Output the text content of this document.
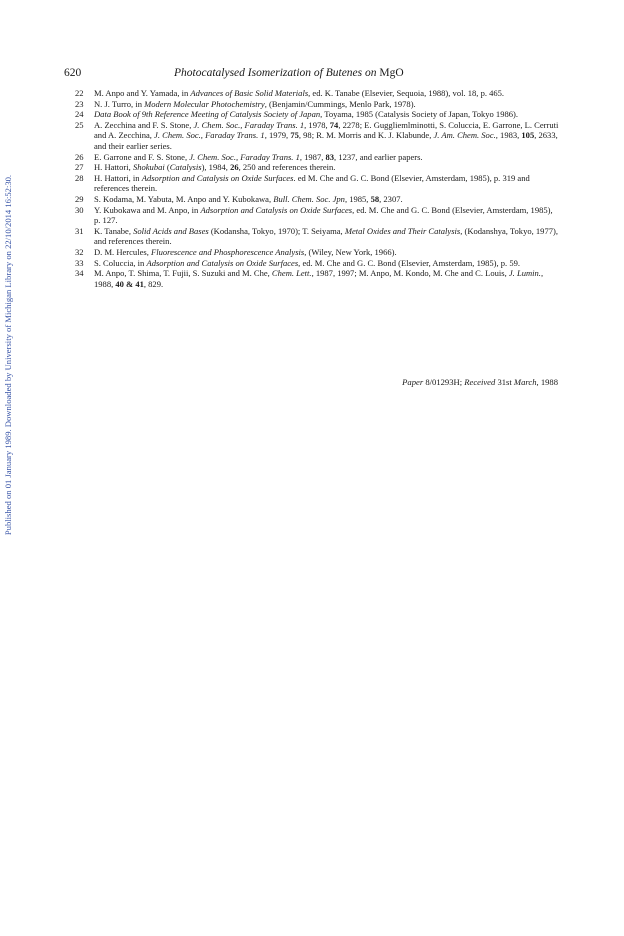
Published on 01 January 1989. Downloaded by University of Michigan Library on 22/10/2014 16:52:30.
620	Photocatalysed Isomerization of Butenes on MgO
22 M. Anpo and Y. Yamada, in Advances of Basic Solid Materials, ed. K. Tanabe (Elsevier, Sequoia, 1988), vol. 18, p. 465.
23 N. J. Turro, in Modern Molecular Photochemistry, (Benjamin/Cummings, Menlo Park, 1978).
24 Data Book of 9th Reference Meeting of Catalysis Society of Japan, Toyama, 1985 (Catalysis Society of Japan, Tokyo 1986).
25 A. Zecchina and F. S. Stone, J. Chem. Soc., Faraday Trans. 1, 1978, 74, 2278; E. Guggliemlminotti, S. Coluccia, E. Garrone, L. Cerruti and A. Zecchina, J. Chem. Soc., Faraday Trans. 1, 1979, 75, 98; R. M. Morris and K. J. Klabunde, J. Am. Chem. Soc., 1983, 105, 2633, and their earlier series.
26 E. Garrone and F. S. Stone, J. Chem. Soc., Faraday Trans. 1, 1987, 83, 1237, and earlier papers.
27 H. Hattori, Shokubai (Catalysis), 1984, 26, 250 and references therein.
28 H. Hattori, in Adsorption and Catalysis on Oxide Surfaces. ed M. Che and G. C. Bond (Elsevier, Amsterdam, 1985), p. 319 and references therein.
29 S. Kodama, M. Yabuta, M. Anpo and Y. Kubokawa, Bull. Chem. Soc. Jpn, 1985, 58, 2307.
30 Y. Kubokawa and M. Anpo, in Adsorption and Catalysis on Oxide Surfaces, ed. M. Che and G. C. Bond (Elsevier, Amsterdam, 1985), p. 127.
31 K. Tanabe, Solid Acids and Bases (Kodansha, Tokyo, 1970); T. Seiyama, Metal Oxides and Their Catalysis, (Kodanshya, Tokyo, 1977), and references therein.
32 D. M. Hercules, Fluorescence and Phosphorescence Analysis, (Wiley, New York, 1966).
33 S. Coluccia, in Adsorption and Catalysis on Oxide Surfaces, ed. M. Che and G. C. Bond (Elsevier, Amsterdam, 1985), p. 59.
34 M. Anpo, T. Shima, T. Fujii, S. Suzuki and M. Che, Chem. Lett., 1987, 1997; M. Anpo, M. Kondo, M. Che and C. Louis, J. Lumin., 1988, 40 & 41, 829.
Paper 8/01293H; Received 31st March, 1988
